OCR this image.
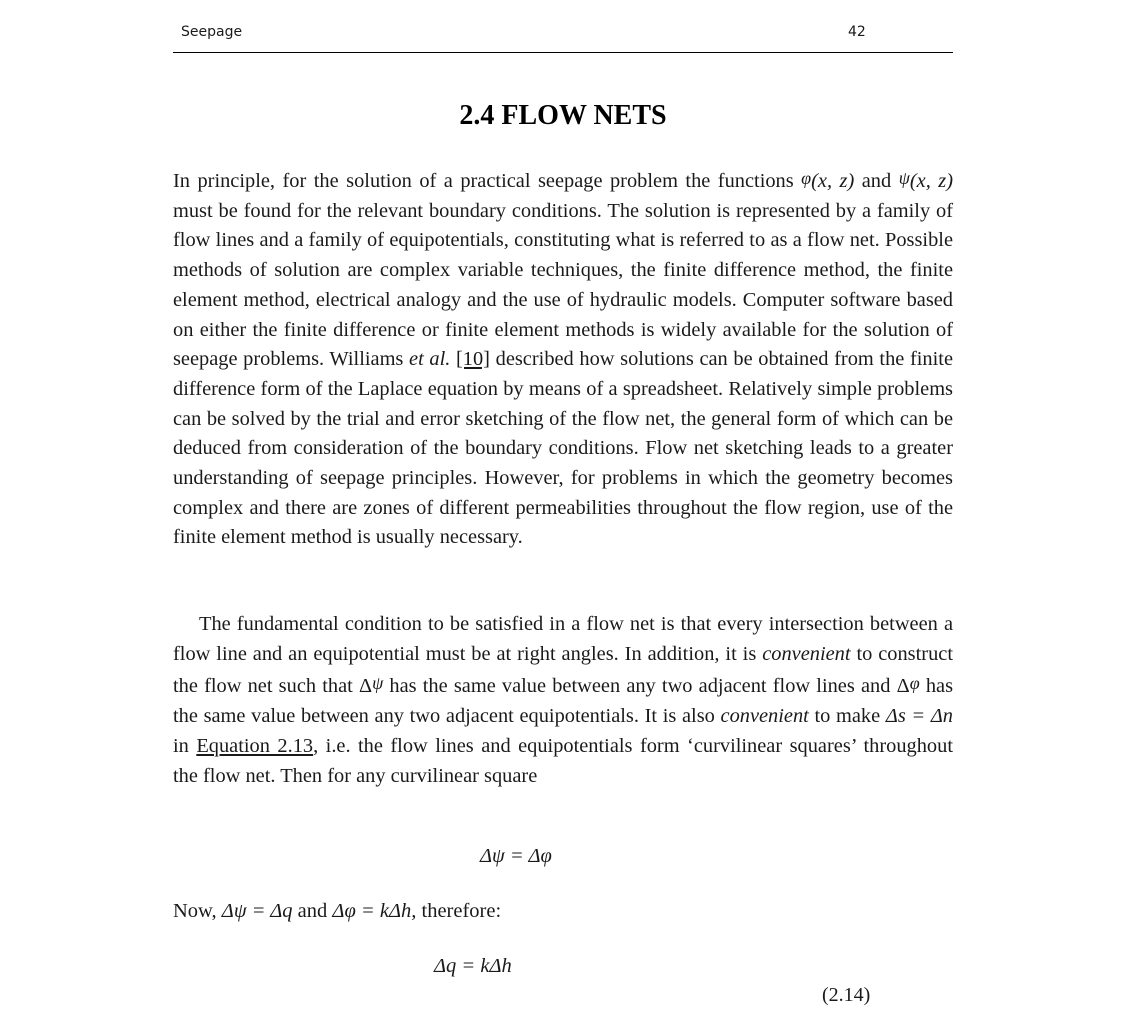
Seepage	42
2.4 FLOW NETS
In principle, for the solution of a practical seepage problem the functions φ(x, z) and ψ(x, z) must be found for the relevant boundary conditions. The solution is represented by a family of flow lines and a family of equipotentials, constituting what is referred to as a flow net. Possible methods of solution are complex variable techniques, the finite difference method, the finite element method, electrical analogy and the use of hydraulic models. Computer software based on either the finite difference or finite element methods is widely available for the solution of seepage problems. Williams et al. [10] described how solutions can be obtained from the finite difference form of the Laplace equation by means of a spreadsheet. Relatively simple problems can be solved by the trial and error sketching of the flow net, the general form of which can be deduced from consideration of the boundary conditions. Flow net sketching leads to a greater understanding of seepage principles. However, for problems in which the geometry becomes complex and there are zones of different permeabilities throughout the flow region, use of the finite element method is usually necessary.
The fundamental condition to be satisfied in a flow net is that every intersection between a flow line and an equipotential must be at right angles. In addition, it is convenient to construct the flow net such that Δψ has the same value between any two adjacent flow lines and Δφ has the same value between any two adjacent equipotentials. It is also convenient to make Δs = Δn in Equation 2.13, i.e. the flow lines and equipotentials form ‘curvilinear squares’ throughout the flow net. Then for any curvilinear square
Δψ = Δφ
Now, Δψ = Δq and Δφ = kΔh, therefore:
Δq = kΔh
(2.14)
